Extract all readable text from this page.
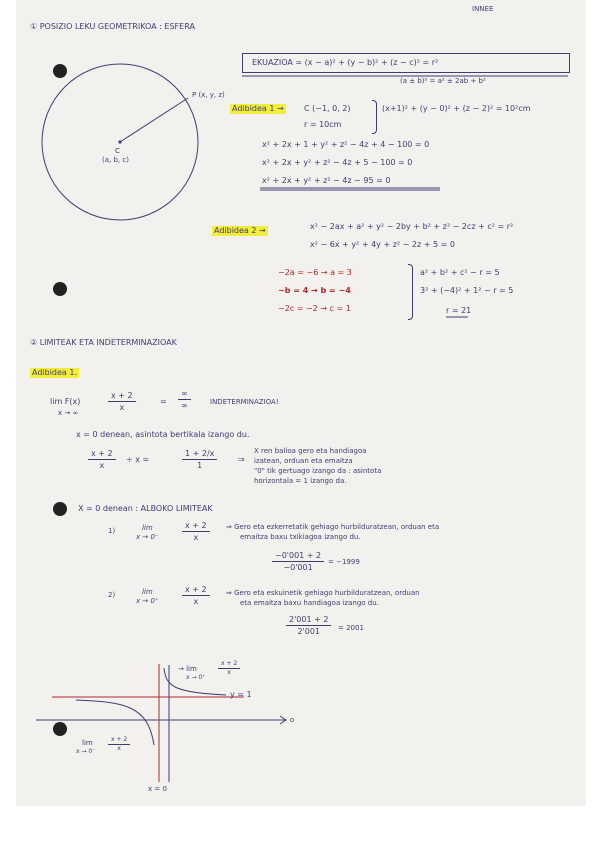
INNEE
① POSIZIO LEKU GEOMETRIKOA : ESFERA
P (x, y, z)
C
(a, b, c)
EKUAZIOA = (x − a)² + (y − b)² + (z − c)² = r²
(a ± b)² = a² ± 2ab + b²
Adibidea 1 →	C (−1, 0, 2)
r = 10cm
(x+1)² + (y − 0)² + (z − 2)² = 10²cm
x² + 2x + 1 + y² + z² − 4z + 4 − 100 = 0
x² + 2x + y² + z² − 4z + 5 − 100 = 0
x² + 2x + y² + z² − 4z − 95 = 0
Adibidea 2 →	x² − 2ax + a² + y² − 2by + b² + z² − 2cz + c² = r²
x² − 6x + y² + 4y + z² − 2z + 5 = 0
−2a = −6 → a = 3
−b = 4 → b = −4
−2c = −2 → c = 1
a² + b² + c² − r = 5
3² + (−4)² + 1² − r = 5
r = 21
② LIMITEAK ETA INDETERMINAZIOAK
Adibidea 1.
lim F(x)
x → ∞	$\frac{x + 2}{x}$	=
∞
∞	INDETERMINAZIOA!
x = 0 denean, asintota bertikala izango du.
$\frac{x + 2}{x} \div x$ =	$\frac{1 + 2/x}{1}$	⇒
X ren balioa gero eta handiagoa
izatean, orduan eta emaitza
"0" tik gertuago izango da : asintota
horizontala = 1 izango da.
X = 0 denean : ALBOKO LIMITEAK
1)	lim
x → 0⁻	$\frac{x + 2}{x}$ ⇒ Gero eta ezkerretatik gehiago hurbilduratzean, orduan eta
emaitza baxu txikiagoa izango du.
$\frac{-0'001 + 2}{-0'001} = -1999$
2)	lim
x → 0⁺	$\frac{x + 2}{x}$ ⇒ Gero eta eskuinetik gehiago hurbilduratzean, orduan
eta emaitza baxu handiagoa izango du.
$\frac{2'001 + 2}{2'001} = 2001$
→ lim
x → 0⁺
$\frac{x + 2}{x}$
y = 1
o
lim
$x \to 0^- \frac{x + 2}{x}$
x = 0
